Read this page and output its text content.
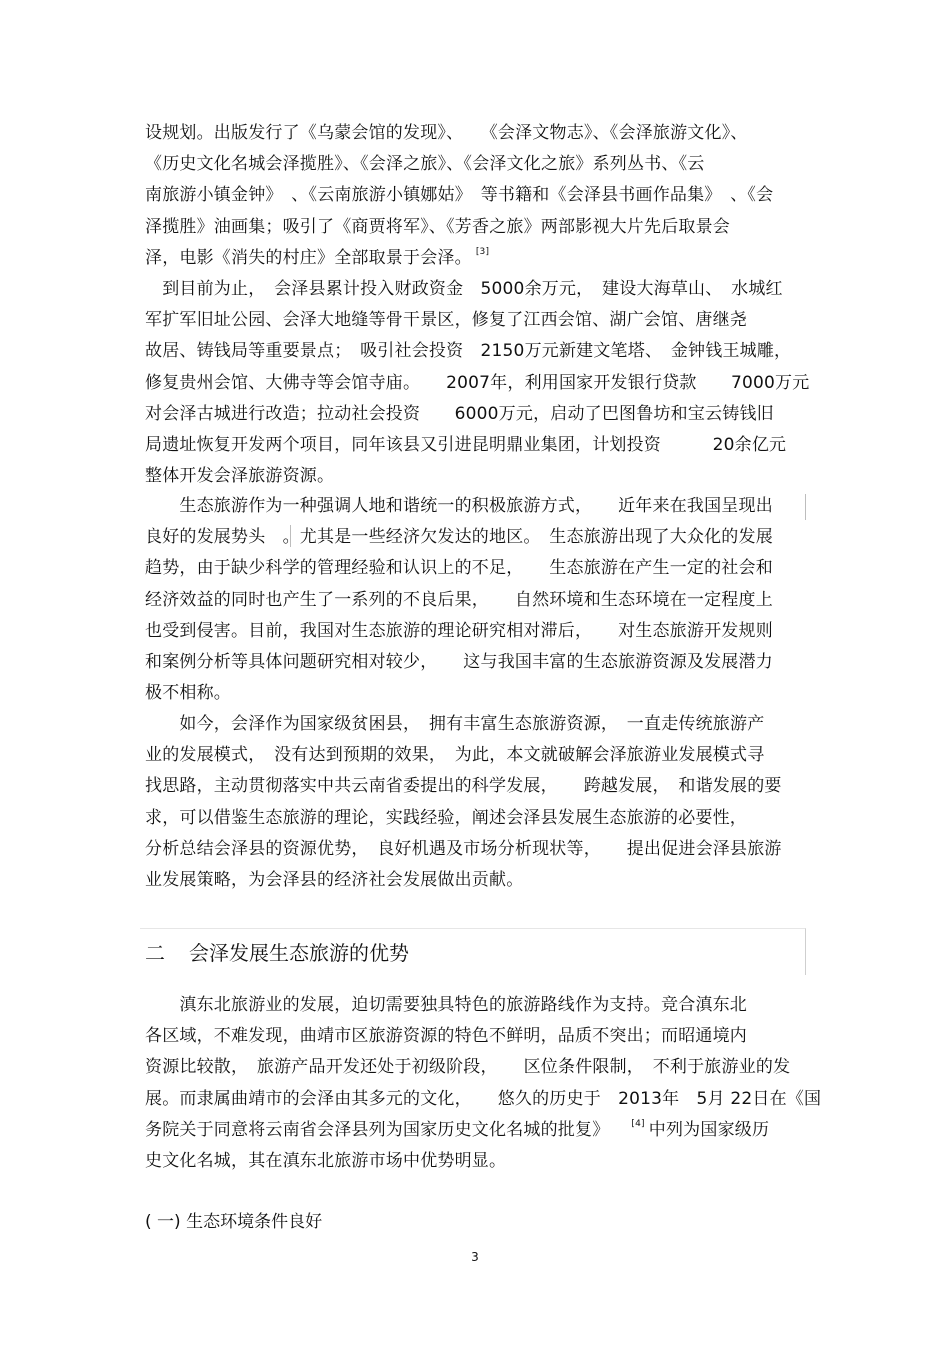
设规划。出版发行了《乌蒙会馆的发现》、　　《会泽文物志》、《会泽旅游文化》、
《历史文化名城会泽揽胜》、《会泽之旅》、《会泽文化之旅》系列丛书、《云
南旅游小镇金钟》　、《云南旅游小镇娜姑》　等书籍和《会泽县书画作品集》　、《会
泽揽胜》油画集；吸引了《商贾将军》、《芳香之旅》两部影视大片先后取景会
泽，电影《消失的村庄》全部取景于会泽。 [3]
　到目前为止，　会泽县累计投入财政资金　5000余万元，　建设大海草山、　水城红
军扩军旧址公园、会泽大地缝等骨干景区，修复了江西会馆、湖广会馆、唐继尧
故居、铸钱局等重要景点；　吸引社会投资　2150万元新建文笔塔、　金钟钱王城雕，
修复贵州会馆、大佛寺等会馆寺庙。　　2007年，利用国家开发银行贷款　　7000万元
对会泽古城进行改造；拉动社会投资　　6000万元，启动了巴图鲁坊和宝云铸钱旧
局遗址恢复开发两个项目，同年该县又引进昆明鼎业集团，计划投资　　　20余亿元
整体开发会泽旅游资源。
　　生态旅游作为一种强调人地和谐统一的积极旅游方式，　　近年来在我国呈现出
良好的发展势头　。尤其是一些经济欠发达的地区。　生态旅游出现了大众化的发展
趋势，由于缺少科学的管理经验和认识上的不足，　　生态旅游在产生一定的社会和
经济效益的同时也产生了一系列的不良后果，　　自然环境和生态环境在一定程度上
也受到侵害。目前，我国对生态旅游的理论研究相对滞后，　　对生态旅游开发规则
和案例分析等具体问题研究相对较少，　　这与我国丰富的生态旅游资源及发展潜力
极不相称。
　　如今，会泽作为国家级贫困县，　拥有丰富生态旅游资源，　一直走传统旅游产
业的发展模式，　没有达到预期的效果，　为此，本文就破解会泽旅游业发展模式寻
找思路，主动贯彻落实中共云南省委提出的科学发展，　　跨越发展，　和谐发展的要
求，可以借鉴生态旅游的理论，实践经验，阐述会泽县发展生态旅游的必要性，
分析总结会泽县的资源优势，　良好机遇及市场分析现状等，　　提出促进会泽县旅游
业发展策略，为会泽县的经济社会发展做出贡献。
二 会泽发展生态旅游的优势
　　滇东北旅游业的发展，迫切需要独具特色的旅游路线作为支持。竞合滇东北
各区域，不难发现，曲靖市区旅游资源的特色不鲜明，品质不突出；而昭通境内
资源比较散，　旅游产品开发还处于初级阶段，　　区位条件限制，　不利于旅游业的发
展。而隶属曲靖市的会泽由其多元的文化，　　悠久的历史于　2013年　5月 22日在《国
务院关于同意将云南省会泽县列为国家历史文化名城的批复》 [4] 中列为国家级历
史文化名城，其在滇东北旅游市场中优势明显。

( 一) 生态环境条件良好

3
